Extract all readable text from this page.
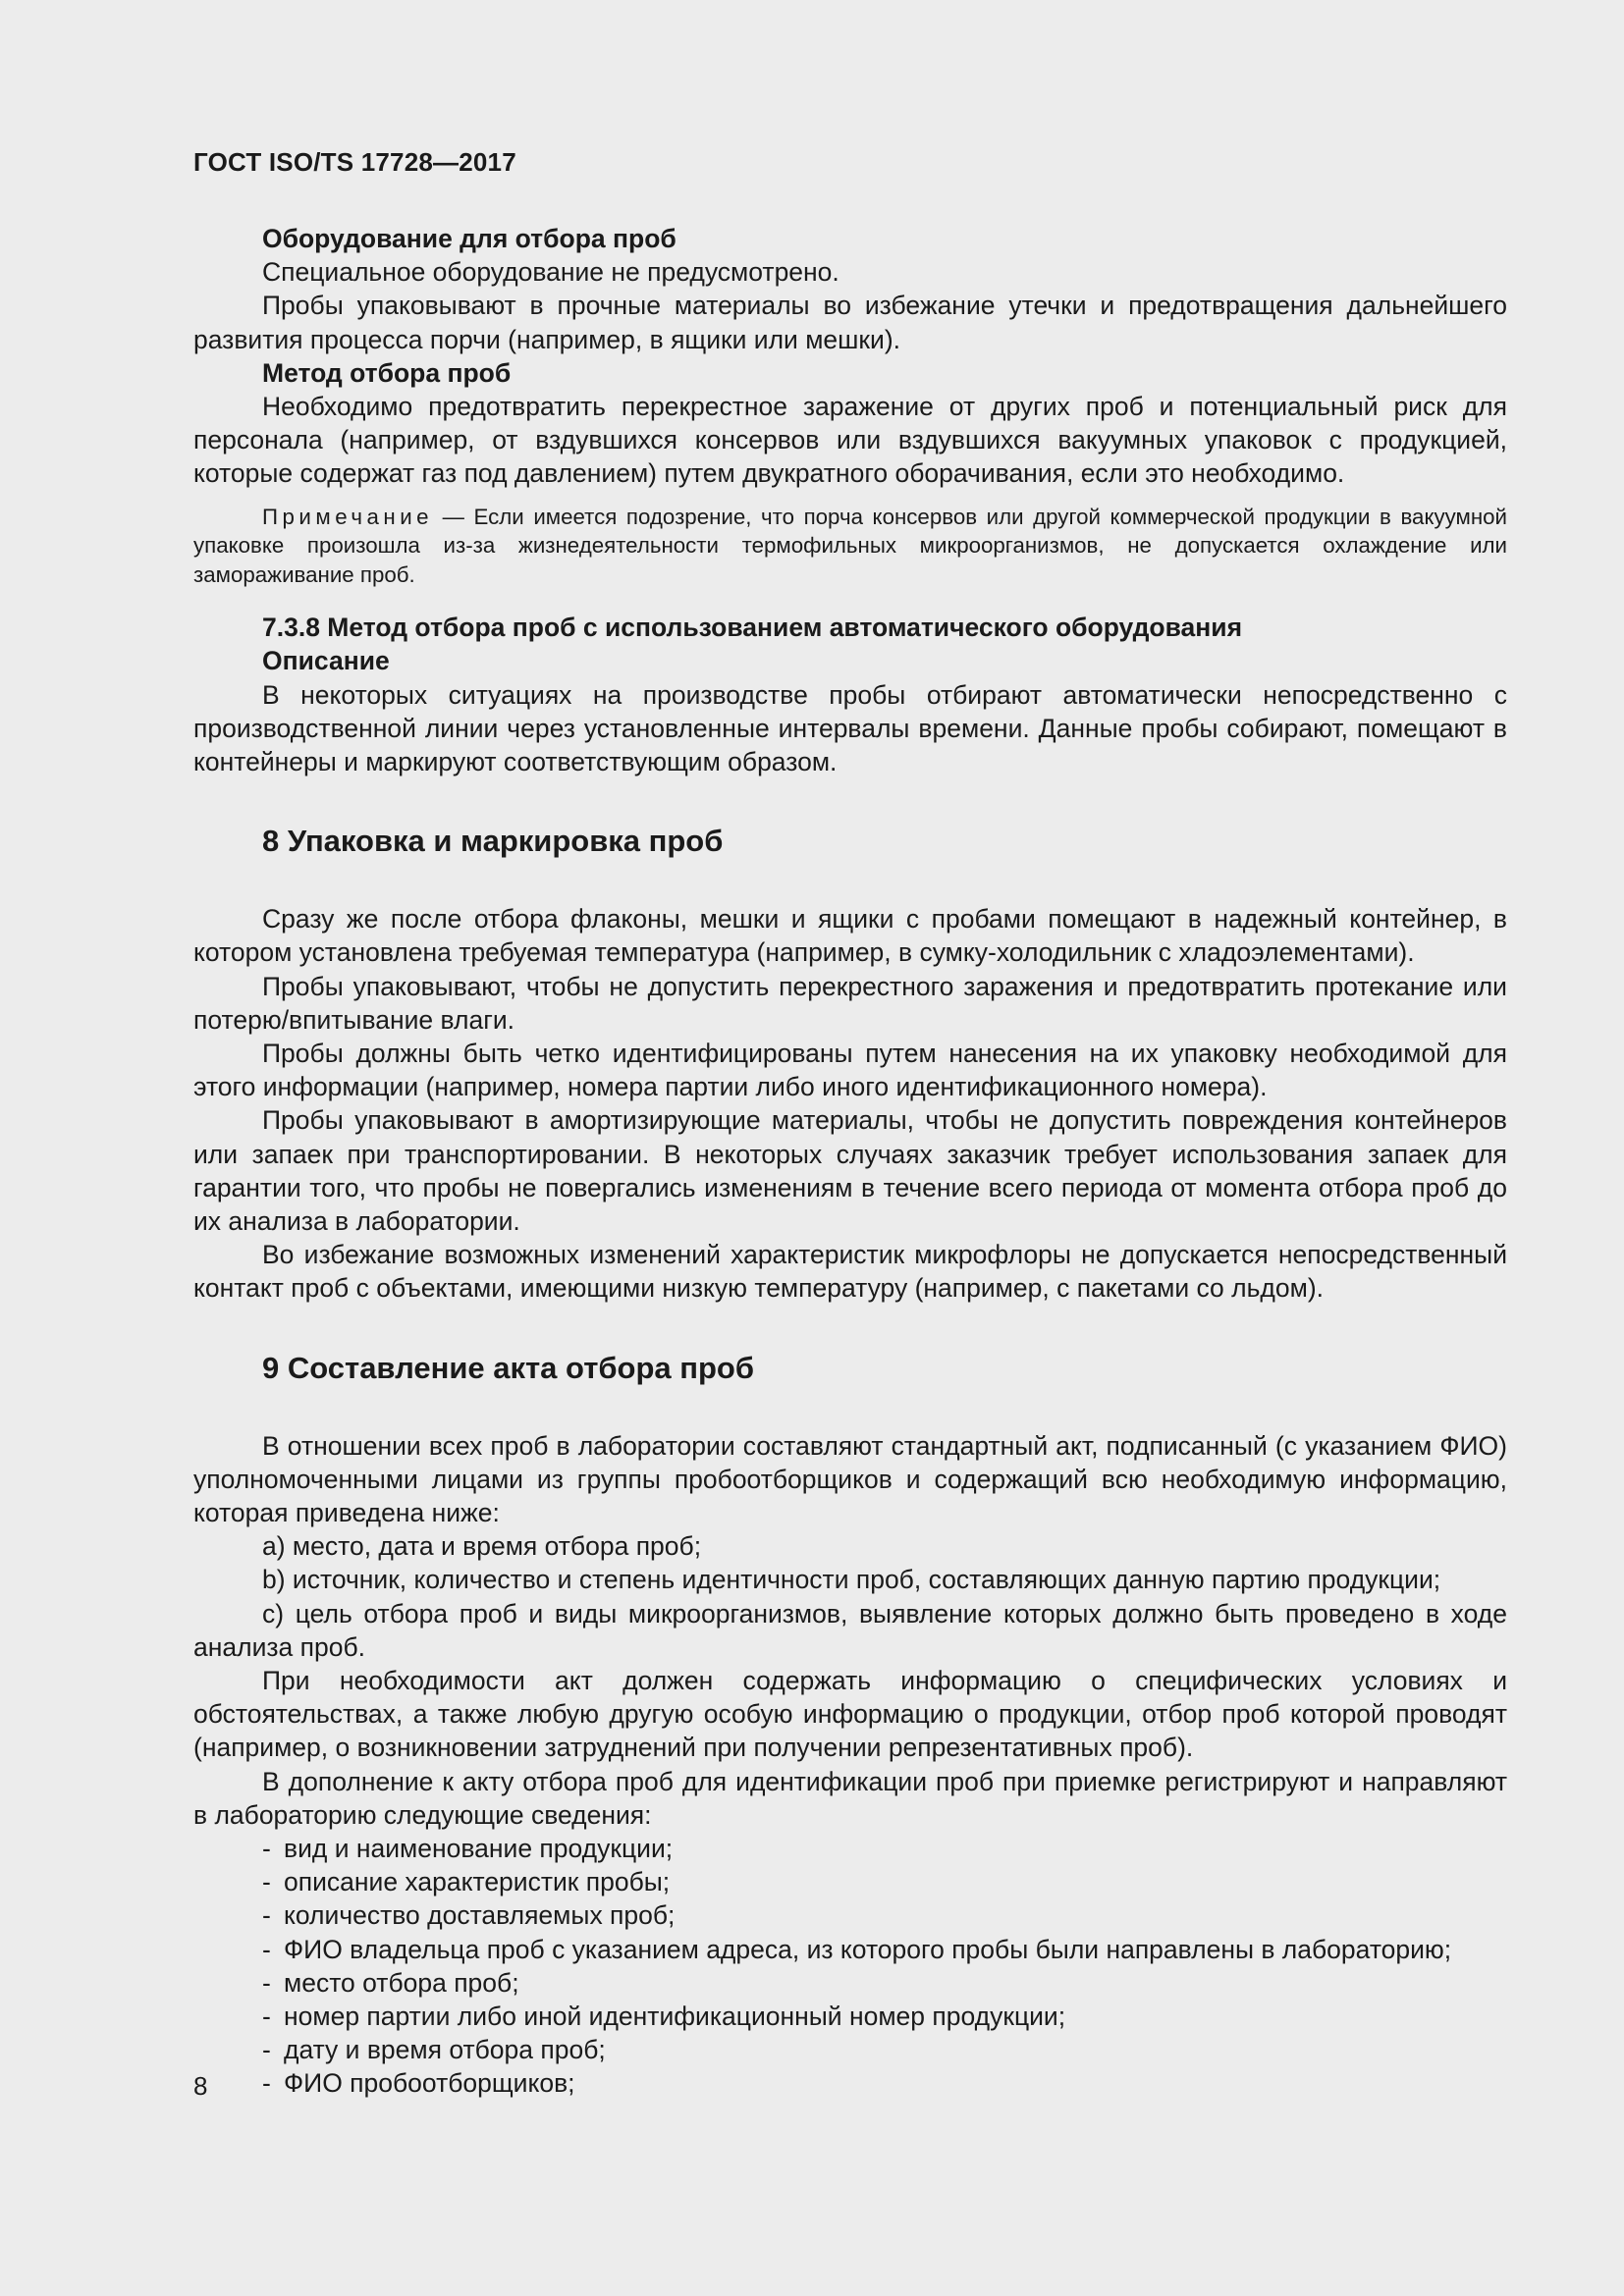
ГОСТ ISO/TS 17728—2017

Оборудование для отбора проб

Специальное оборудование не предусмотрено.

Пробы упаковывают в прочные материалы во избежание утечки и предотвращения дальнейшего развития процесса порчи (например, в ящики или мешки).

Метод отбора проб

Необходимо предотвратить перекрестное заражение от других проб и потенциальный риск для персонала (например, от вздувшихся консервов или вздувшихся вакуумных упаковок с продукцией, которые содержат газ под давлением) путем двукратного оборачивания, если это необходимо.

Примечание — Если имеется подозрение, что порча консервов или другой коммерческой продукции в вакуумной упаковке произошла из-за жизнедеятельности термофильных микроорганизмов, не допускается охлаждение или замораживание проб.

7.3.8 Метод отбора проб с использованием автоматического оборудования

Описание

В некоторых ситуациях на производстве пробы отбирают автоматически непосредственно с производственной линии через установленные интервалы времени. Данные пробы собирают, помещают в контейнеры и маркируют соответствующим образом.

8 Упаковка и маркировка проб

Сразу же после отбора флаконы, мешки и ящики с пробами помещают в надежный контейнер, в котором установлена требуемая температура (например, в сумку-холодильник с хладоэлементами).

Пробы упаковывают, чтобы не допустить перекрестного заражения и предотвратить протекание или потерю/впитывание влаги.

Пробы должны быть четко идентифицированы путем нанесения на их упаковку необходимой для этого информации (например, номера партии либо иного идентификационного номера).

Пробы упаковывают в амортизирующие материалы, чтобы не допустить повреждения контейнеров или запаек при транспортировании. В некоторых случаях заказчик требует использования запаек для гарантии того, что пробы не повергались изменениям в течение всего периода от момента отбора проб до их анализа в лаборатории.

Во избежание возможных изменений характеристик микрофлоры не допускается непосредственный контакт проб с объектами, имеющими низкую температуру (например, с пакетами со льдом).

9 Составление акта отбора проб

В отношении всех проб в лаборатории составляют стандартный акт, подписанный (с указанием ФИО) уполномоченными лицами из группы пробоотборщиков и содержащий всю необходимую информацию, которая приведена ниже:

а) место, дата и время отбора проб;

b) источник, количество и степень идентичности проб, составляющих данную партию продукции;

с) цель отбора проб и виды микроорганизмов, выявление которых должно быть проведено в ходе анализа проб.

При необходимости акт должен содержать информацию о специфических условиях и обстоятельствах, а также любую другую особую информацию о продукции, отбор проб которой проводят (например, о возникновении затруднений при получении репрезентативных проб).

В дополнение к акту отбора проб для идентификации проб при приемке регистрируют и направляют в лабораторию следующие сведения:

- вид и наименование продукции;

- описание характеристик пробы;

- количество доставляемых проб;

- ФИО владельца проб с указанием адреса, из которого пробы были направлены в лабораторию;

- место отбора проб;

- номер партии либо иной идентификационный номер продукции;

- дату и время отбора проб;

- ФИО пробоотборщиков;

8
